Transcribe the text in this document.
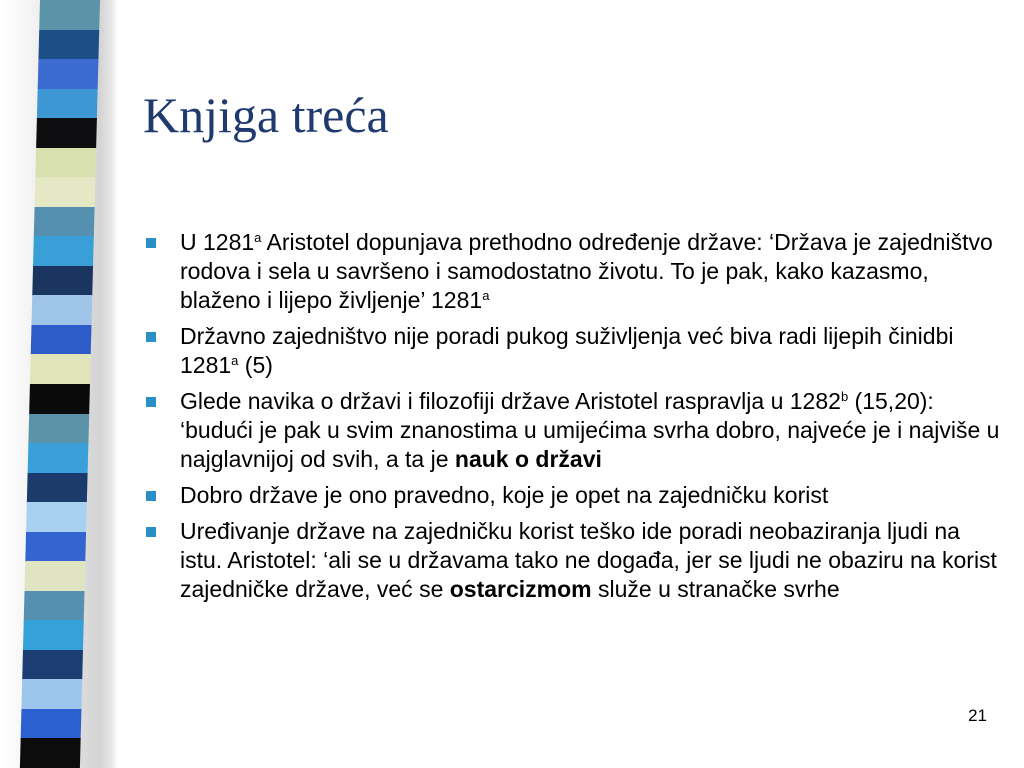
Knjiga treća
U 1281$^a$ Aristotel dopunjava prethodno određenje države: ‘Država je zajedništvo rodova i sela u savršeno i samodostatno životu. To je pak, kako kazasmo, blaženo i lijepo življenje’ 1281$^a$
Državno zajedništvo nije poradi pukog suživljenja već biva radi lijepih činidbi 1281$^a$ (5)
Glede navika o državi i filozofiji države Aristotel raspravlja u 1282$^b$ (15,20): ‘budući je pak u svim znanostima u umijećima svrha dobro, najveće je i najviše u najglavnijoj od svih, a ta je nauk o državi
Dobro države je ono pravedno, koje je opet na zajedničku korist
Uređivanje države na zajedničku korist teško ide poradi neobaziranja ljudi na istu. Aristotel: ‘ali se u državama tako ne događa, jer se ljudi ne obaziru na korist zajedničke države, već se ostarcizmom služe u stranačke svrhe
21
